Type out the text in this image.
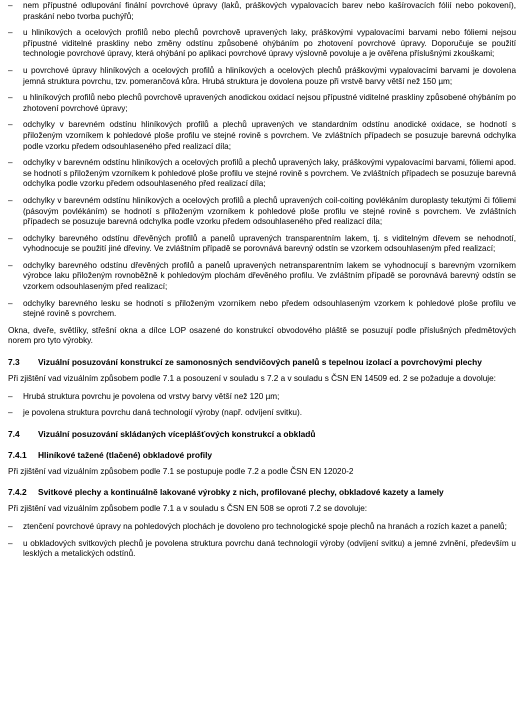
– nem přípustné odlupování finální povrchové úpravy (laků, práškových vypalovacích barev nebo kašírovacích fólií nebo pokovení), praskání nebo tvorba puchýřů;
– u hliníkových a ocelových profilů nebo plechů povrchově upravených laky, práškovými vypalovacími barvami nebo fóliemi nejsou přípustné viditelné praskliny nebo změny odstínu způsobené ohýbáním po zhotovení povrchové úpravy. Doporučuje se použití technologie povrchové úpravy, která ohýbání po aplikaci povrchové úpravy výslovně povoluje a je ověřena příslušnými zkouškami;
– u povrchové úpravy hliníkových a ocelových profilů a hliníkových a ocelových plechů práškovými vypalovacími barvami je dovolena jemná struktura povrchu, tzv. pomerančová kůra. Hrubá struktura je dovolena pouze při vrstvě barvy větší než 150 µm;
– u hliníkových profilů nebo plechů povrchově upravených anodickou oxidací nejsou přípustné viditelné praskliny způsobené ohýbáním po zhotovení povrchové úpravy;
– odchylky v barevném odstínu hliníkových profilů a plechů upravených ve standardním odstínu anodické oxidace, se hodnotí s přiloženým vzorníkem k pohledové ploše profilu ve stejné rovině s povrchem. Ve zvláštních případech se posuzuje barevná odchylka podle vzorku předem odsouhlaseného před realizací díla;
– odchylky v barevném odstínu hliníkových a ocelových profilů a plechů upravených laky, práškovými vypalovacími barvami, fóliemi apod. se hodnotí s přiloženým vzorníkem k pohledové ploše profilu ve stejné rovině s povrchem. Ve zvláštních případech se posuzuje barevná odchylka podle vzorku předem odsouhlaseného před realizací díla;
– odchylky v barevném odstínu hliníkových a ocelových profilů a plechů upravených coil-coiting povlékáním duroplasty tekutými či fóliemi (pásovým povlékáním) se hodnotí s přiloženým vzorníkem k pohledové ploše profilu ve stejné rovině s povrchem. Ve zvláštních případech se posuzuje barevná odchylka podle vzorku předem odsouhlaseného před realizací díla;
– odchylky barevného odstínu dřevěných profilů a panelů upravených transparentním lakem, tj. s viditelným dřevem se nehodnotí, vyhodnocuje se použití jiné dřeviny. Ve zvláštním případě se porovnává barevný odstín se vzorkem odsouhlaseným před realizací;
– odchylky barevného odstínu dřevěných profilů a panelů upravených netransparentním lakem se vyhodnocují s barevným vzorníkem výrobce laku přiloženým rovnoběžně k pohledovým plochám dřevěného profilu. Ve zvláštním případě se porovnává barevný odstín se vzorkem odsouhlaseným před realizací;
– odchylky barevného lesku se hodnotí s přiloženým vzorníkem nebo předem odsouhlaseným vzorkem k pohledové ploše profilu ve stejné rovině s povrchem.

Okna, dveře, světlíky, střešní okna a dílce LOP osazené do konstrukcí obvodového pláště se posuzují podle příslušných předmětových norem pro tyto výrobky.

7.3	Vizuální posuzování konstrukcí ze samonosných sendvičových panelů s tepelnou izolací a povrchovými plechy

Při zjištění vad vizuálním způsobem podle 7.1 a posouzení v souladu s 7.2 a v souladu s ČSN EN 14509 ed. 2 se požaduje a dovoluje:

– Hrubá struktura povrchu je povolena od vrstvy barvy větší než 120 µm;
– je povolena struktura povrchu daná technologií výroby (např. odvíjení svitku).
7.4	Vizuální posuzování skládaných víceplášťových konstrukcí a obkladů
7.4.1	Hliníkové tažené (tlačené) obkladové profily

Při zjištění vad vizuálním způsobem podle 7.1 se postupuje podle 7.2 a podle ČSN EN 12020-2

7.4.2	Svitkové plechy a kontinuálně lakované výrobky z nich, profilované plechy, obkladové kazety a lamely

Při zjištění vad vizuálním způsobem podle 7.1 a v souladu s ČSN EN 508 se oproti 7.2 se dovoluje:

– ztenčení povrchové úpravy na pohledových plochách je dovoleno pro technologické spoje plechů na hranách a rozích kazet a panelů;
– u obkladových svitkových plechů je povolena struktura povrchu daná technologií výroby (odvíjení svitku) a jemné zvlnění, především u lesklých a metalických odstínů.
